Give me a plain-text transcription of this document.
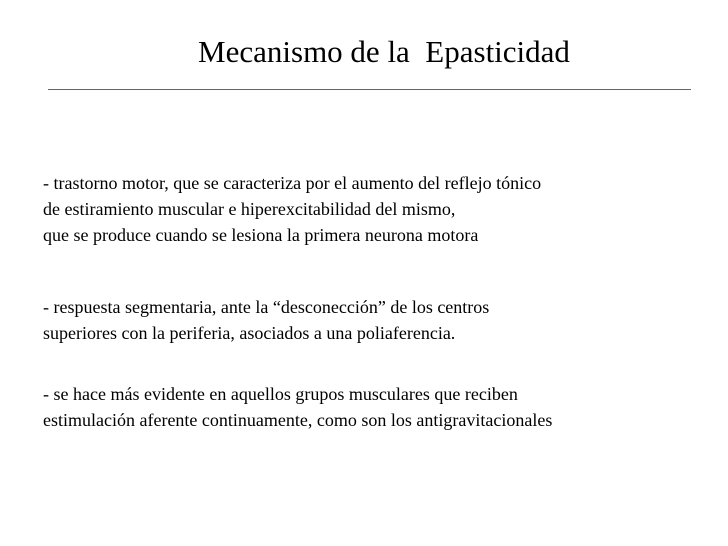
Mecanismo de la  Epasticidad
- trastorno motor, que se caracteriza por el aumento del reflejo tónico
de estiramiento muscular e hiperexcitabilidad del mismo,
que se produce cuando se lesiona la primera neurona motora
- respuesta segmentaria, ante la “desconección” de los centros
superiores con la periferia, asociados a una poliaferencia.
- se hace más evidente en aquellos grupos musculares que reciben
estimulación aferente continuamente, como son los antigravitacionales
